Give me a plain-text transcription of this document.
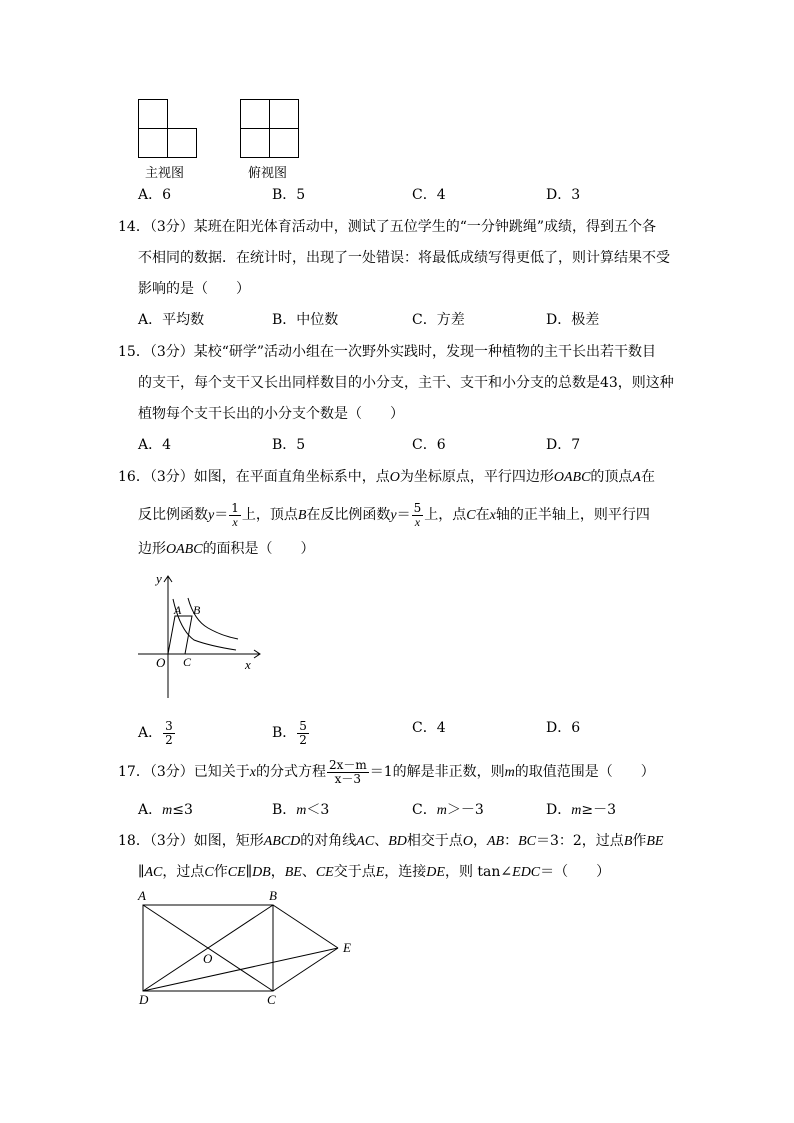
主视图	俯视图
A．6	B．5	C．4	D．3
14．（3分）某班在阳光体育活动中，测试了五位学生的“一分钟跳绳”成绩，得到五个各
不相同的数据．在统计时，出现了一处错误：将最低成绩写得更低了，则计算结果不受
影响的是（　　）
A．平均数	B．中位数	C．方差	D．极差
15．（3分）某校“研学”活动小组在一次野外实践时，发现一种植物的主干长出若干数目
的支干，每个支干又长出同样数目的小分支，主干、支干和小分支的总数是43，则这种
植物每个支干长出的小分支个数是（　　）
A．4	B．5	C．6	D．7
16．（3分）如图，在平面直角坐标系中，点O为坐标原点，平行四边形OABC的顶点A在
反比例函数$y= \frac{1}{x}$ 上，顶点B在反比例函数$y= \frac{5}{x}$ 上，点C在x轴的正半轴上，则平行四
边形OABC的面积是（　　）
y
x
O
A B
C
A． $\frac{3}{2}$	B． $\frac{5}{2}$	C．4	D．6
17．（3分）已知关于x的分式方程 $\frac{2x-m}{x-3} =1$的解是非正数，则m的取值范围是（　　）
A．m≤3	B．m＜3	C．m＞－3	D．m≥－3
18．（3分）如图，矩形ABCD的对角线AC、BD相交于点O，AB：BC＝3：2，过点B作BE
∥AC，过点C作CE∥DB，BE、CE交于点E，连接DE，则 tan∠EDC＝（　　）
A	B
C
D
O
E
